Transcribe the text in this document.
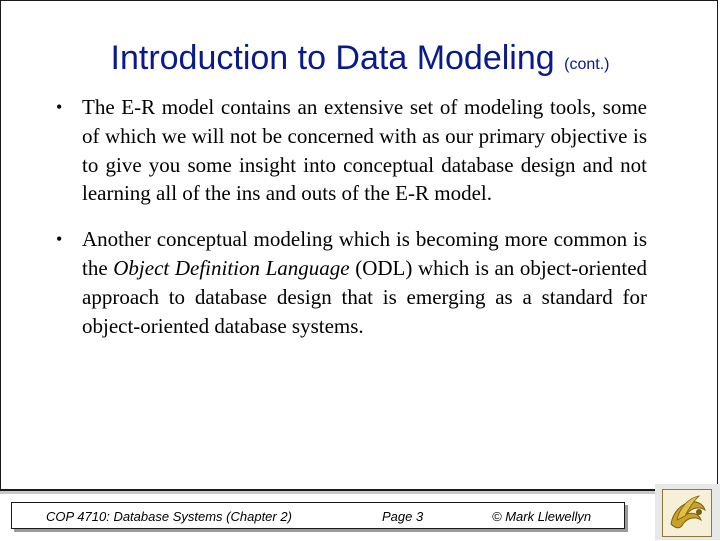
Introduction to Data Modeling (cont.)
• The E-R model contains an extensive set of modeling tools, some of which we will not be concerned with as our primary objective is to give you some insight into conceptual database design and not learning all of the ins and outs of the E-R model.
• Another conceptual modeling which is becoming more common is the Object Definition Language (ODL) which is an object-oriented approach to database design that is emerging as a standard for object-oriented database systems.
COP 4710: Database Systems (Chapter 2)	Page 3	© Mark Llewellyn
